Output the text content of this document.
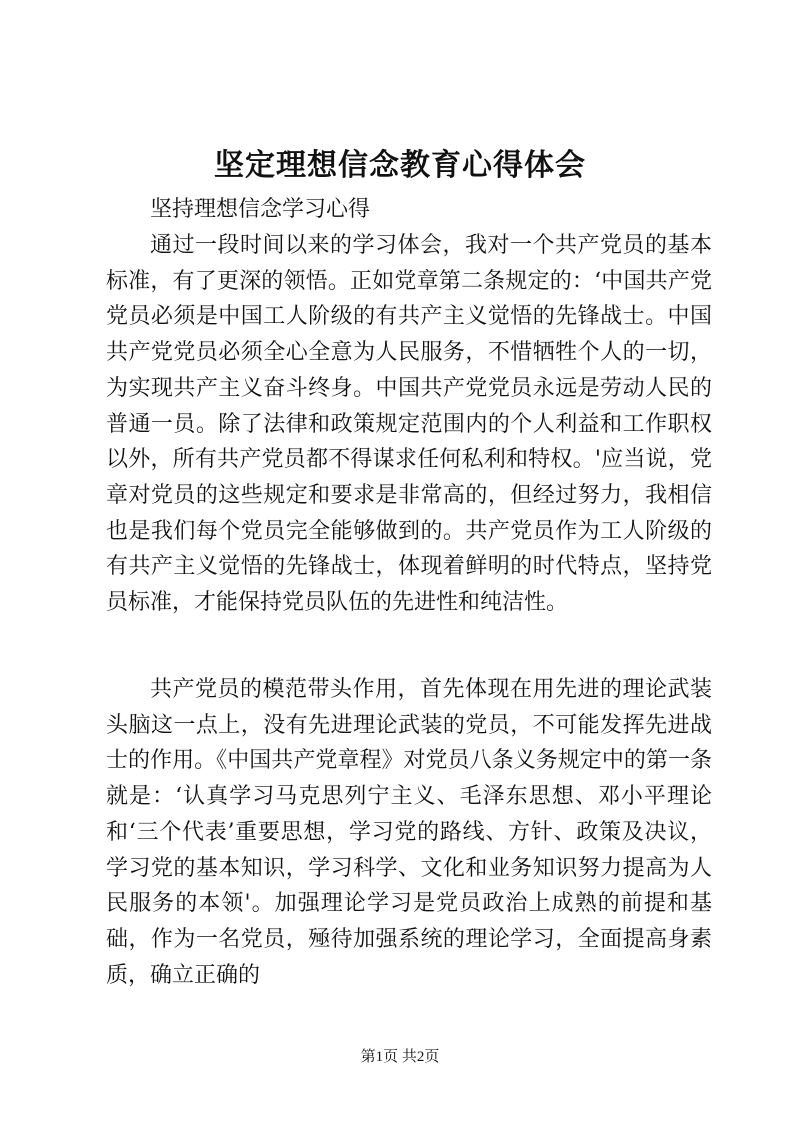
坚定理想信念教育心得体会

坚持理想信念学习心得

通过一段时间以来的学习体会，我对一个共产党员的基本标准，有了更深的领悟。正如党章第二条规定的：‘中国共产党党员必须是中国工人阶级的有共产主义觉悟的先锋战士。中国共产党党员必须全心全意为人民服务，不惜牺牲个人的一切，为实现共产主义奋斗终身。中国共产党党员永远是劳动人民的普通一员。除了法律和政策规定范围内的个人利益和工作职权以外，所有共产党员都不得谋求任何私利和特权。'应当说，党章对党员的这些规定和要求是非常高的，但经过努力，我相信也是我们每个党员完全能够做到的。共产党员作为工人阶级的有共产主义觉悟的先锋战士，体现着鲜明的时代特点，坚持党员标准，才能保持党员队伍的先进性和纯洁性。

共产党员的模范带头作用，首先体现在用先进的理论武装头脑这一点上，没有先进理论武装的党员，不可能发挥先进战士的作用。《中国共产党章程》对党员八条义务规定中的第一条就是：‘认真学习马克思列宁主义、毛泽东思想、邓小平理论和‘三个代表’重要思想，学习党的路线、方针、政策及决议，学习党的基本知识，学习科学、文化和业务知识努力提高为人民服务的本领'。加强理论学习是党员政治上成熟的前提和基础，作为一名党员，殛待加强系统的理论学习，全面提高身素质，确立正确的

第1页 共2页
